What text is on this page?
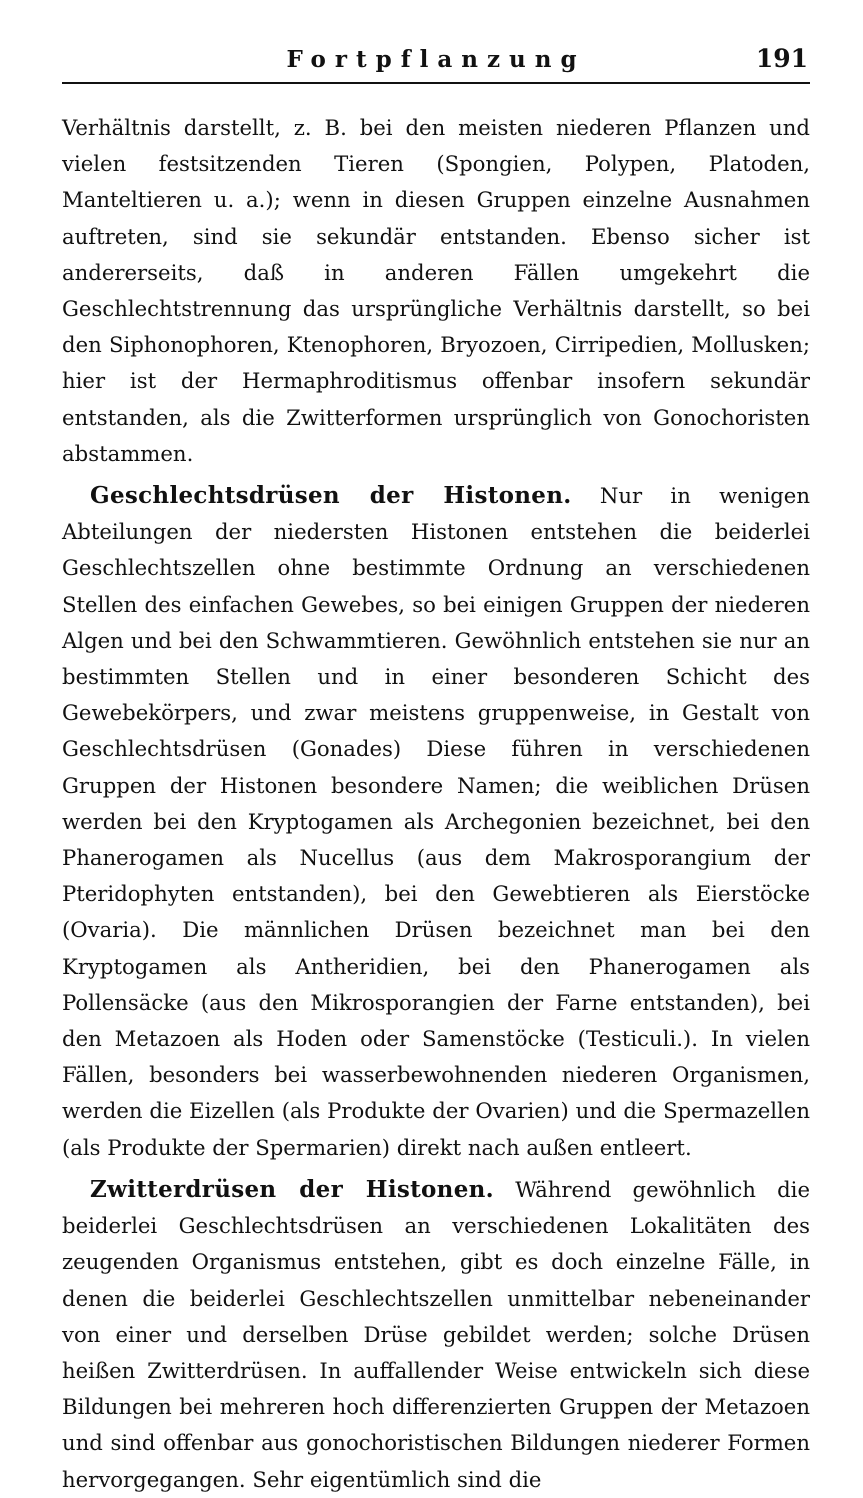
Fortpflanzung	191

Verhältnis darstellt, z. B. bei den meisten niederen Pflanzen und vielen festsitzenden Tieren (Spongien, Polypen, Platoden, Manteltieren u. a.); wenn in diesen Gruppen einzelne Ausnahmen auftreten, sind sie sekundär entstanden. Ebenso sicher ist andererseits, daß in anderen Fällen umgekehrt die Geschlechtstrennung das ursprüngliche Verhältnis darstellt, so bei den Siphonophoren, Ktenophoren, Bryozoen, Cirripedien, Mollusken; hier ist der Hermaphroditismus offenbar insofern sekundär entstanden, als die Zwitterformen ursprünglich von Gonochoristen abstammen.

Geschlechtsdrüsen der Histonen. Nur in wenigen Abteilungen der niedersten Histonen entstehen die beiderlei Geschlechtszellen ohne bestimmte Ordnung an verschiedenen Stellen des einfachen Gewebes, so bei einigen Gruppen der niederen Algen und bei den Schwammtieren. Gewöhnlich entstehen sie nur an bestimmten Stellen und in einer besonderen Schicht des Gewebekörpers, und zwar meistens gruppenweise, in Gestalt von Geschlechtsdrüsen (Gonades) Diese führen in verschiedenen Gruppen der Histonen besondere Namen; die weiblichen Drüsen werden bei den Kryptogamen als Archegonien bezeichnet, bei den Phanerogamen als Nucellus (aus dem Makrosporangium der Pteridophyten entstanden), bei den Gewebtieren als Eierstöcke (Ovaria). Die männlichen Drüsen bezeichnet man bei den Kryptogamen als Antheridien, bei den Phanerogamen als Pollensäcke (aus den Mikrosporangien der Farne entstanden), bei den Metazoen als Hoden oder Samenstöcke (Testiculi.). In vielen Fällen, besonders bei wasserbewohnenden niederen Organismen, werden die Eizellen (als Produkte der Ovarien) und die Spermazellen (als Produkte der Spermarien) direkt nach außen entleert.

Zwitterdrüsen der Histonen. Während gewöhnlich die beiderlei Geschlechtsdrüsen an verschiedenen Lokalitäten des zeugenden Organismus entstehen, gibt es doch einzelne Fälle, in denen die beiderlei Geschlechtszellen unmittelbar nebeneinander von einer und derselben Drüse gebildet werden; solche Drüsen heißen Zwitterdrüsen. In auffallender Weise entwickeln sich diese Bildungen bei mehreren hoch differenzierten Gruppen der Metazoen und sind offenbar aus gonochoristischen Bildungen niederer Formen hervorgegangen. Sehr eigentümlich sind die
